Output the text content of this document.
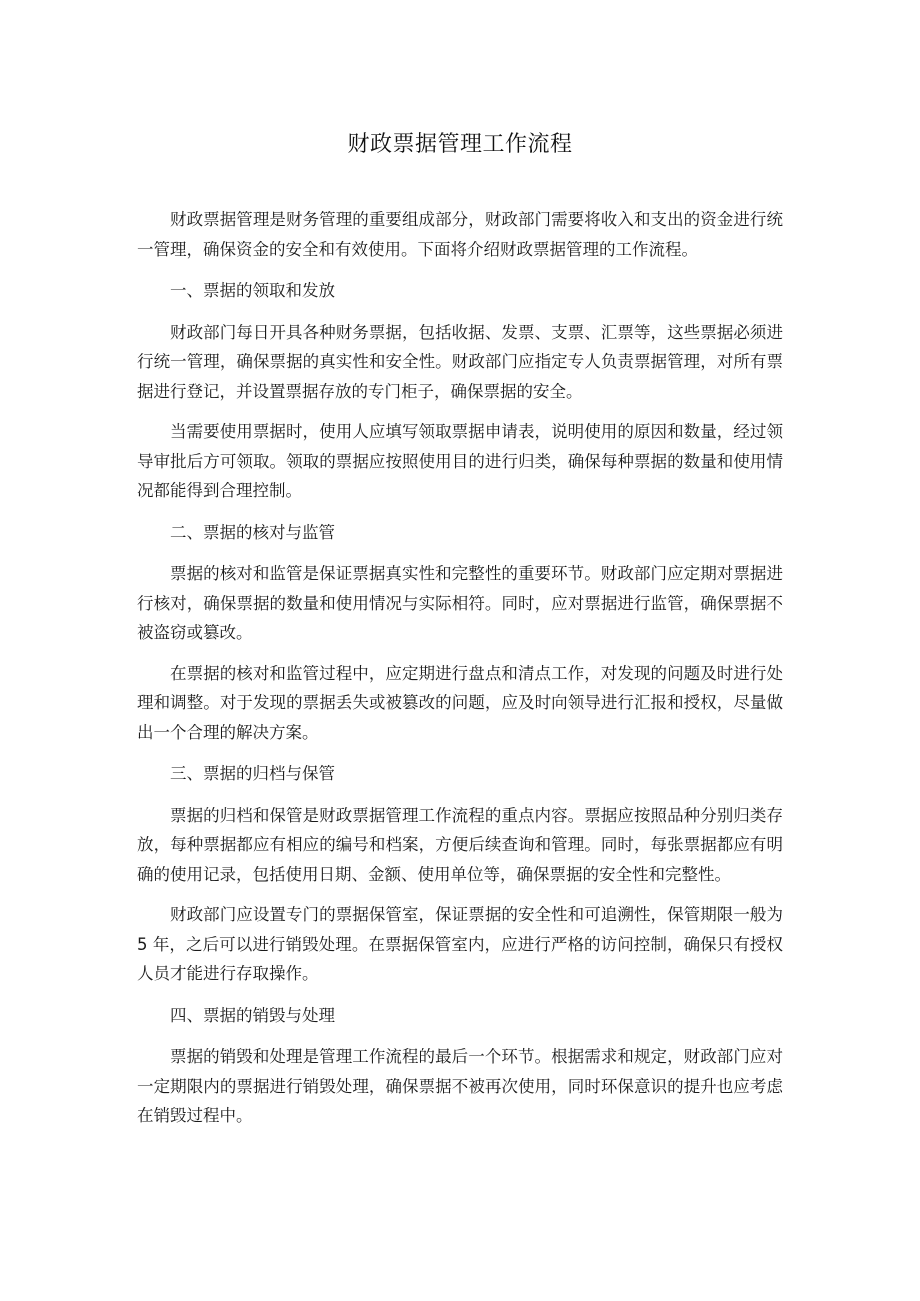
财政票据管理工作流程

财政票据管理是财务管理的重要组成部分，财政部门需要将收入和支出的资金进行统一管理，确保资金的安全和有效使用。下面将介绍财政票据管理的工作流程。

一、票据的领取和发放

财政部门每日开具各种财务票据，包括收据、发票、支票、汇票等，这些票据必须进行统一管理，确保票据的真实性和安全性。财政部门应指定专人负责票据管理，对所有票据进行登记，并设置票据存放的专门柜子，确保票据的安全。

当需要使用票据时，使用人应填写领取票据申请表，说明使用的原因和数量，经过领导审批后方可领取。领取的票据应按照使用目的进行归类，确保每种票据的数量和使用情况都能得到合理控制。

二、票据的核对与监管

票据的核对和监管是保证票据真实性和完整性的重要环节。财政部门应定期对票据进行核对，确保票据的数量和使用情况与实际相符。同时，应对票据进行监管，确保票据不被盗窃或篡改。

在票据的核对和监管过程中，应定期进行盘点和清点工作，对发现的问题及时进行处理和调整。对于发现的票据丢失或被篡改的问题，应及时向领导进行汇报和授权，尽量做出一个合理的解决方案。

三、票据的归档与保管

票据的归档和保管是财政票据管理工作流程的重点内容。票据应按照品种分别归类存放，每种票据都应有相应的编号和档案，方便后续查询和管理。同时，每张票据都应有明确的使用记录，包括使用日期、金额、使用单位等，确保票据的安全性和完整性。

财政部门应设置专门的票据保管室，保证票据的安全性和可追溯性，保管期限一般为 5 年，之后可以进行销毁处理。在票据保管室内，应进行严格的访问控制，确保只有授权人员才能进行存取操作。

四、票据的销毁与处理

票据的销毁和处理是管理工作流程的最后一个环节。根据需求和规定，财政部门应对一定期限内的票据进行销毁处理，确保票据不被再次使用，同时环保意识的提升也应考虑在销毁过程中。
